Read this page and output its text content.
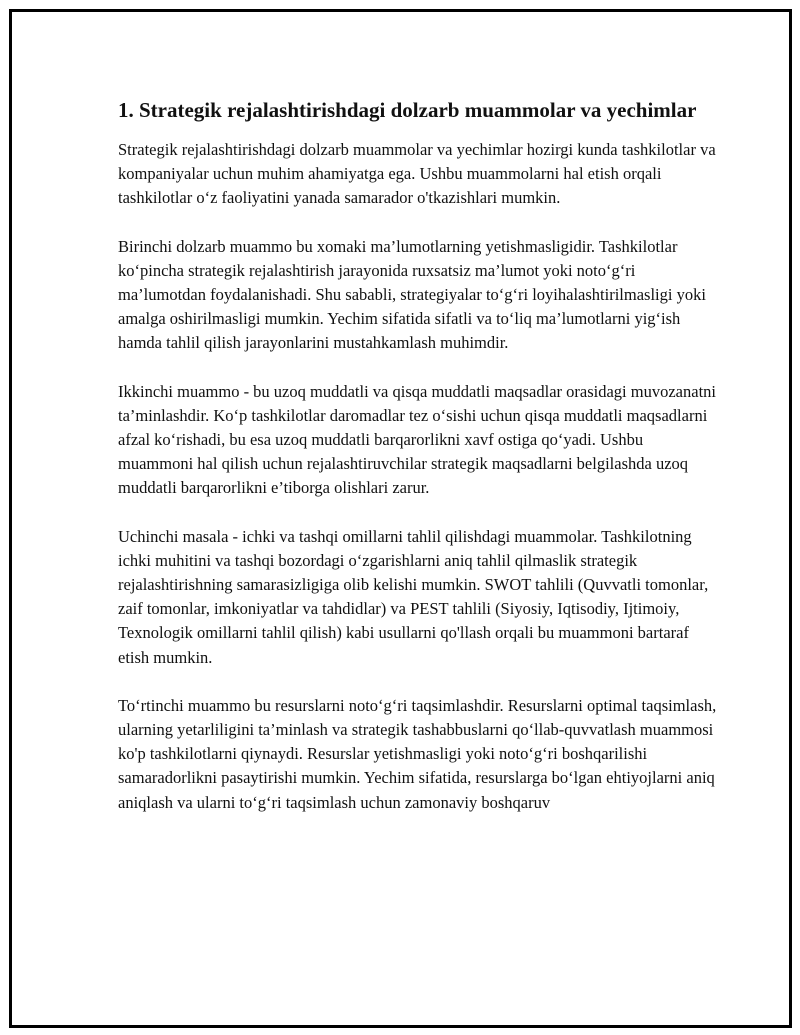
1. Strategik rejalashtirishdagi dolzarb muammolar va yechimlar

Strategik rejalashtirishdagi dolzarb muammolar va yechimlar hozirgi kunda tashkilotlar va kompaniyalar uchun muhim ahamiyatga ega. Ushbu muammolarni hal etish orqali tashkilotlar o‘z faoliyatini yanada samarador o'tkazishlari mumkin.

Birinchi dolzarb muammo bu xomaki ma’lumotlarning yetishmasligidir. Tashkilotlar ko‘pincha strategik rejalashtirish jarayonida ruxsatsiz ma’lumot yoki noto‘g‘ri ma’lumotdan foydalanishadi. Shu sababli, strategiyalar to‘g‘ri loyihalashtirilmasligi yoki amalga oshirilmasligi mumkin. Yechim sifatida sifatli va to‘liq ma’lumotlarni yig‘ish hamda tahlil qilish jarayonlarini mustahkamlash muhimdir.

Ikkinchi muammo - bu uzoq muddatli va qisqa muddatli maqsadlar orasidagi muvozanatni ta’minlashdir. Ko‘p tashkilotlar daromadlar tez o‘sishi uchun qisqa muddatli maqsadlarni afzal ko‘rishadi, bu esa uzoq muddatli barqarorlikni xavf ostiga qo‘yadi. Ushbu muammoni hal qilish uchun rejalashtiruvchilar strategik maqsadlarni belgilashda uzoq muddatli barqarorlikni e’tiborga olishlari zarur.

Uchinchi masala - ichki va tashqi omillarni tahlil qilishdagi muammolar. Tashkilotning ichki muhitini va tashqi bozordagi o‘zgarishlarni aniq tahlil qilmaslik strategik rejalashtirishning samarasizligiga olib kelishi mumkin. SWOT tahlili (Quvvatli tomonlar, zaif tomonlar, imkoniyatlar va tahdidlar) va PEST tahlili (Siyosiy, Iqtisodiy, Ijtimoiy, Texnologik omillarni tahlil qilish) kabi usullarni qo'llash orqali bu muammoni bartaraf etish mumkin.

To‘rtinchi muammo bu resurslarni noto‘g‘ri taqsimlashdir. Resurslarni optimal taqsimlash, ularning yetarliligini ta’minlash va strategik tashabbuslarni qo‘llab-quvvatlash muammosi ko'p tashkilotlarni qiynaydi. Resurslar yetishmasligi yoki noto‘g‘ri boshqarilishi samaradorlikni pasaytirishi mumkin. Yechim sifatida, resurslarga bo‘lgan ehtiyojlarni aniq aniqlash va ularni to‘g‘ri taqsimlash uchun zamonaviy boshqaruv
